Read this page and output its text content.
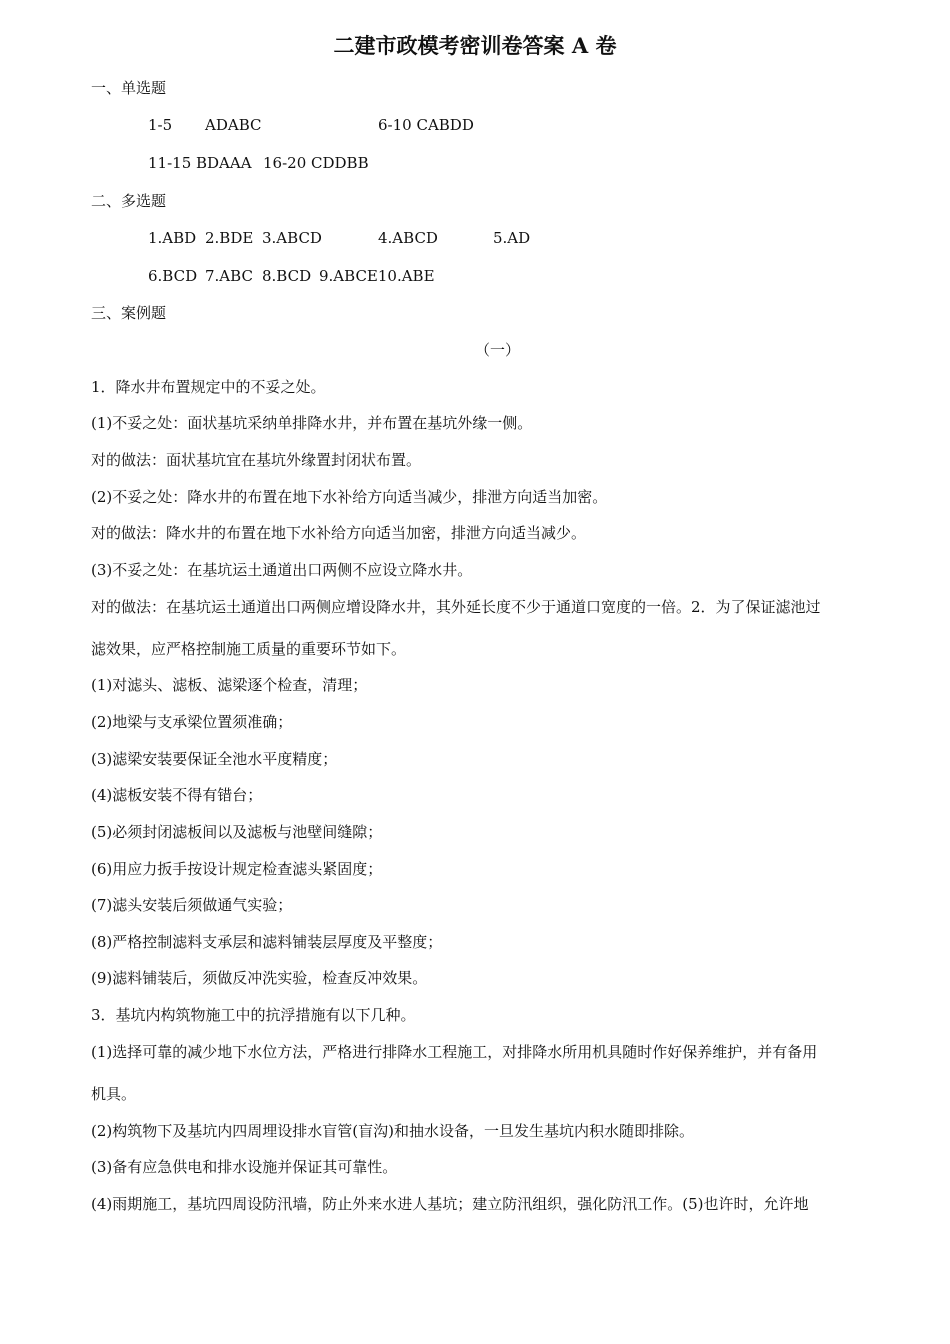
二建市政模考密训卷答案 A 卷
一、单选题
1-5 ADABC	6-10 CABDD
11-15 BDAAA 16-20 CDDBB
二、多选题
1.ABD 2.BDE 3.ABCD	4.ABCD	5.AD
6.BCD 7.ABC 8.BCD 9.ABCE10.ABE
三、案例题
（一）
1．降水井布置规定中的不妥之处。
(1)不妥之处：面状基坑采纳单排降水井，并布置在基坑外缘一侧。
对的做法：面状基坑宜在基坑外缘置封闭状布置。
(2)不妥之处：降水井的布置在地下水补给方向适当减少，排泄方向适当加密。
对的做法：降水井的布置在地下水补给方向适当加密，排泄方向适当减少。
(3)不妥之处：在基坑运土通道出口两侧不应设立降水井。
对的做法：在基坑运土通道出口两侧应增设降水井，其外延长度不少于通道口宽度的一倍。2．为了保证滤池过
滤效果，应严格控制施工质量的重要环节如下。
(1)对滤头、滤板、滤梁逐个检查，清理；
(2)地梁与支承梁位置须准确；
(3)滤梁安装要保证全池水平度精度；
(4)滤板安装不得有错台；
(5)必须封闭滤板间以及滤板与池壁间缝隙；
(6)用应力扳手按设计规定检查滤头紧固度；
(7)滤头安装后须做通气实验；
(8)严格控制滤料支承层和滤料铺装层厚度及平整度；
(9)滤料铺装后，须做反冲洗实验，检查反冲效果。
3．基坑内构筑物施工中的抗浮措施有以下几种。
(1)选择可靠的减少地下水位方法，严格进行排降水工程施工，对排降水所用机具随时作好保养维护，并有备用
机具。
(2)构筑物下及基坑内四周埋设排水盲管(盲沟)和抽水设备，一旦发生基坑内积水随即排除。
(3)备有应急供电和排水设施并保证其可靠性。
(4)雨期施工，基坑四周设防汛墙，防止外来水进人基坑；建立防汛组织，强化防汛工作。(5)也许时，允许地
